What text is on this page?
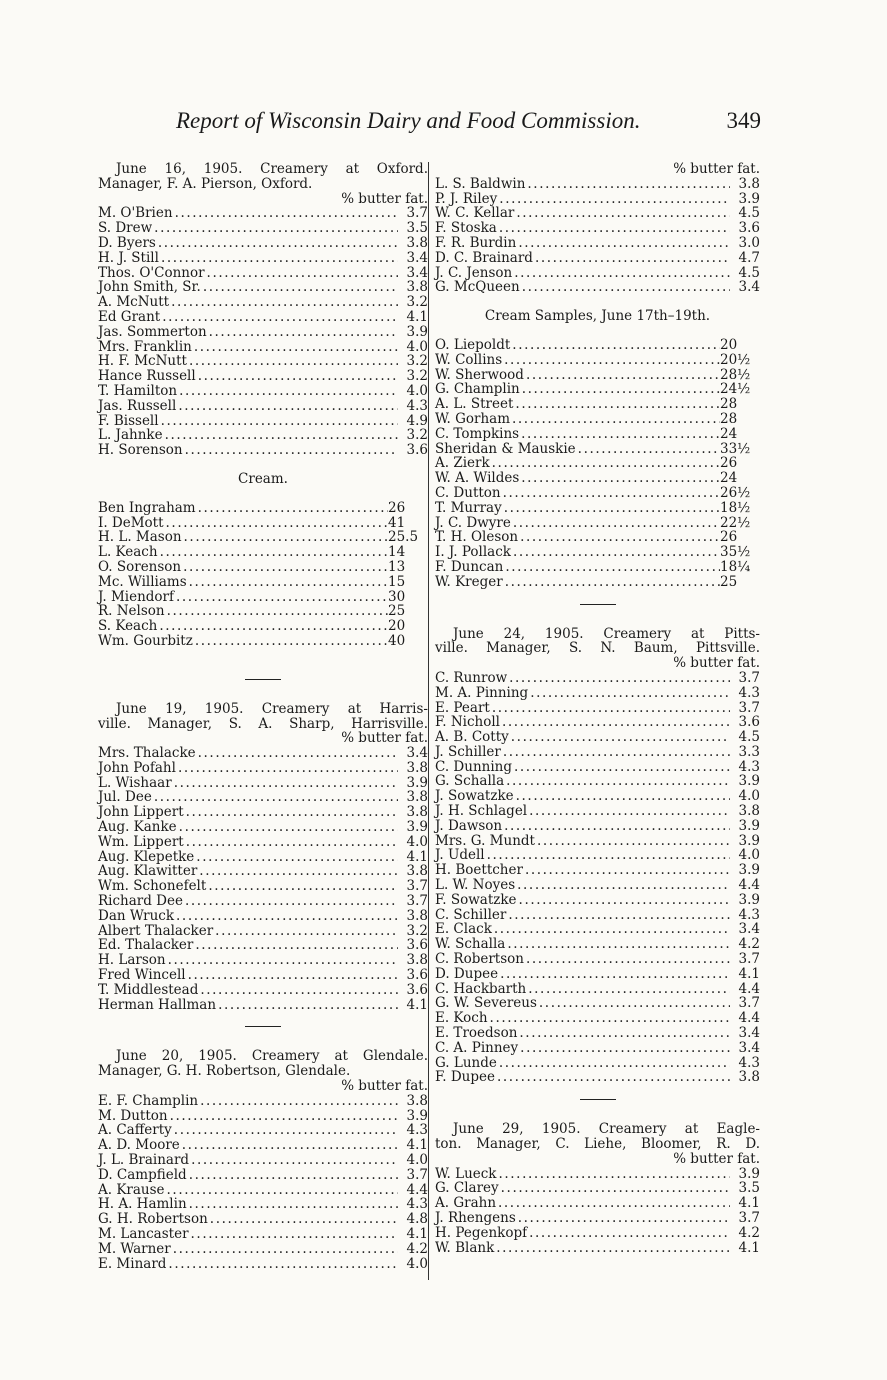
Report of Wisconsin Dairy and Food Commission.	349
June 16, 1905. Creamery at Oxford.
Manager, F. A. Pierson, Oxford.
% butter fat.
M. O'Brien .....	3.7
S. Drew .....	3.5
D. Byers .....	3.8
H. J. Still .....	3.4
Thos. O'Connor .....	3.4
John Smith, Sr. .....	3.8
A. McNutt .....	3.2
Ed Grant .....	4.1
Jas. Sommerton .....	3.9
Mrs. Franklin .....	4.0
H. F. McNutt .....	3.2
Hance Russell .....	3.2
T. Hamilton .....	4.0
Jas. Russell .....	4.3
F. Bissell .....	4.9
L. Jahnke .....	3.2
H. Sorenson .....	3.6
Cream.
Ben Ingraham .....	26
I. DeMott .....	41
H. L. Mason .....	25.5
L. Keach .....	14
O. Sorenson .....	13
Mc. Williams .....	15
J. Miendorf .....	30
R. Nelson .....	25
S. Keach .....	20
Wm. Gourbitz .....	40
June 19, 1905. Creamery at Harris-
ville. Manager, S. A. Sharp, Harrisville.
% butter fat.
Mrs. Thalacke .....	3.4
John Pofahl .....	3.8
L. Wishaar .....	3.9
Jul. Dee .....	3.8
John Lippert .....	3.8
Aug. Kanke .....	3.9
Wm. Lippert .....	4.0
Aug. Klepetke .....	4.1
Aug. Klawitter .....	3.8
Wm. Schonefelt .....	3.7
Richard Dee .....	3.7
Dan Wruck .....	3.8
Albert Thalacker .....	3.2
Ed. Thalacker .....	3.6
H. Larson .....	3.8
Fred Wincell .....	3.6
T. Middlestead .....	3.6
Herman Hallman .....	4.1
June 20, 1905. Creamery at Glendale.
Manager, G. H. Robertson, Glendale.
% butter fat.
E. F. Champlin .....	3.8
M. Dutton .....	3.9
A. Cafferty .....	4.3
A. D. Moore .....	4.1
J. L. Brainard .....	4.0
D. Campfield .....	3.7
A. Krause .....	4.4
H. A. Hamlin .....	4.3
G. H. Robertson .....	4.8
M. Lancaster .....	4.1
M. Warner .....	4.2
E. Minard .....	4.0
% butter fat.
L. S. Baldwin .....	3.8
P. J. Riley .....	3.9
W. C. Kellar .....	4.5
F. Stoska .....	3.6
F. R. Burdin .....	3.0
D. C. Brainard .....	4.7
J. C. Jenson .....	4.5
G. McQueen .....	3.4
Cream Samples, June 17th–19th.
O. Liepoldt .....	20
W. Collins .....	20½
W. Sherwood .....	28½
G. Champlin .....	24½
A. L. Street .....	28
W. Gorham .....	28
C. Tompkins .....	24
Sheridan & Mauskie .....	33½
A. Zierk .....	26
W. A. Wildes .....	24
C. Dutton .....	26½
T. Murray .....	18½
J. C. Dwyre .....	22½
T. H. Oleson .....	26
I. J. Pollack .....	35½
F. Duncan .....	18¼
W. Kreger .....	25
June 24, 1905. Creamery at Pitts-
ville. Manager, S. N. Baum, Pittsville.
% butter fat.
C. Runrow .....	3.7
M. A. Pinning .....	4.3
E. Peart .....	3.7
F. Nicholl .....	3.6
A. B. Cotty .....	4.5
J. Schiller .....	3.3
C. Dunning .....	4.3
G. Schalla .....	3.9
J. Sowatzke .....	4.0
J. H. Schlagel .....	3.8
J. Dawson .....	3.9
Mrs. G. Mundt .....	3.9
J. Udell .....	4.0
H. Boettcher .....	3.9
L. W. Noyes .....	4.4
F. Sowatzke .....	3.9
C. Schiller .....	4.3
E. Clack .....	3.4
W. Schalla .....	4.2
C. Robertson .....	3.7
D. Dupee .....	4.1
C. Hackbarth .....	4.4
G. W. Severeus .....	3.7
E. Koch .....	4.4
E. Troedson .....	3.4
C. A. Pinney .....	3.4
G. Lunde .....	4.3
F. Dupee .....	3.8
June 29, 1905. Creamery at Eagle-
ton. Manager, C. Liehe, Bloomer, R. D.
% butter fat.
W. Lueck .....	3.9
G. Clarey .....	3.5
A. Grahn .....	4.1
J. Rhengens .....	3.7
H. Pegenkopf .....	4.2
W. Blank .....	4.1
